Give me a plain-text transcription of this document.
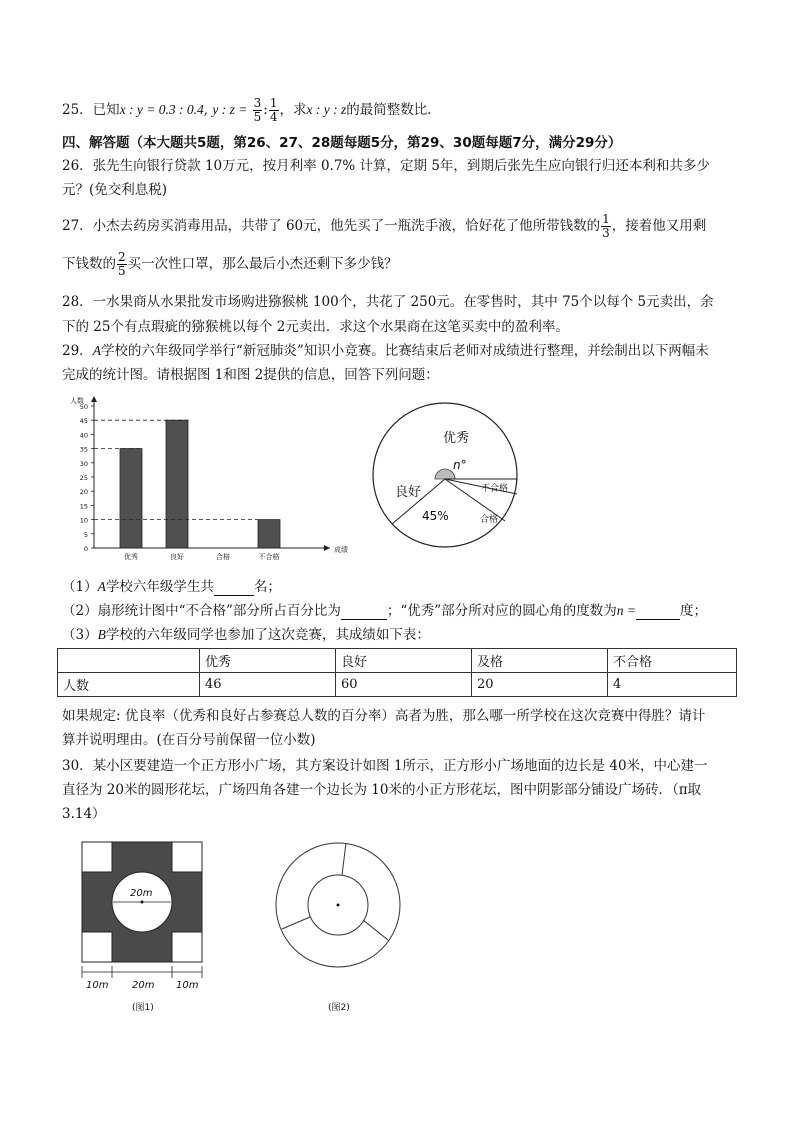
25．已知x : y = 0.3 : 0.4, y : $z = \frac{3}{5}$ : $\frac{1}{4}$ ，求x : y : z的最简整数比．
四、解答题（本大题共5题，第26、27、28题每题5分，第29、30题每题7分，满分29分）
26．张先生向银行贷款 10万元，按月利率 0.7% 计算，定期 5年，到期后张先生应向银行归还本利和共多少
元？(免交利息税)
27．小杰去药房买消毒用品，共带了 60元，他先买了一瓶洗手液，恰好花了他所带钱数的 $\frac{1}{3}$ ，接着他又用剩
下钱数的 $\frac{2}{5}$ 买一次性口罩，那么最后小杰还剩下多少钱？
28．一水果商从水果批发市场购进猕猴桃 100个，共花了 250元。在零售时，其中 75个以每个 5元卖出，余
下的 25个有点瑕疵的猕猴桃以每个 2元卖出．求这个水果商在这笔买卖中的盈利率。
29．A学校的六年级同学举行“新冠肺炎”知识小竞赛。比赛结束后老师对成绩进行整理，并绘制出以下两幅未
完成的统计图。请根据图 1和图 2提供的信息，回答下列问题：
0
5
10
15
20
25
30
35
40
45
50
人数
成绩
优秀	良好	合格	不合格
优秀
n°
良好
45%
不合格
合格
（1）A学校六年级学生共	名；
（2）扇形统计图中“不合格”部分所占百分比为	；“优秀”部分所对应的圆心角的度数为n =	度；
（3）B学校的六年级同学也参加了这次竞赛，其成绩如下表：
	优秀	良好	及格	不合格
人数	46	60	20	4
如果规定: 优良率（优秀和良好占参赛总人数的百分率）高者为胜，那么哪一所学校在这次竞赛中得胜？请计
算并说明理由。(在百分号前保留一位小数)
30．某小区要建造一个正方形小广场，其方案设计如图 1所示，正方形小广场地面的边长是 40米，中心建一
直径为 20米的圆形花坛，广场四角各建一个边长为 10米的小正方形花坛，图中阴影部分铺设广场砖．（π取
3.14）
20m
10m 20m 10m
(图1)	(图2)
